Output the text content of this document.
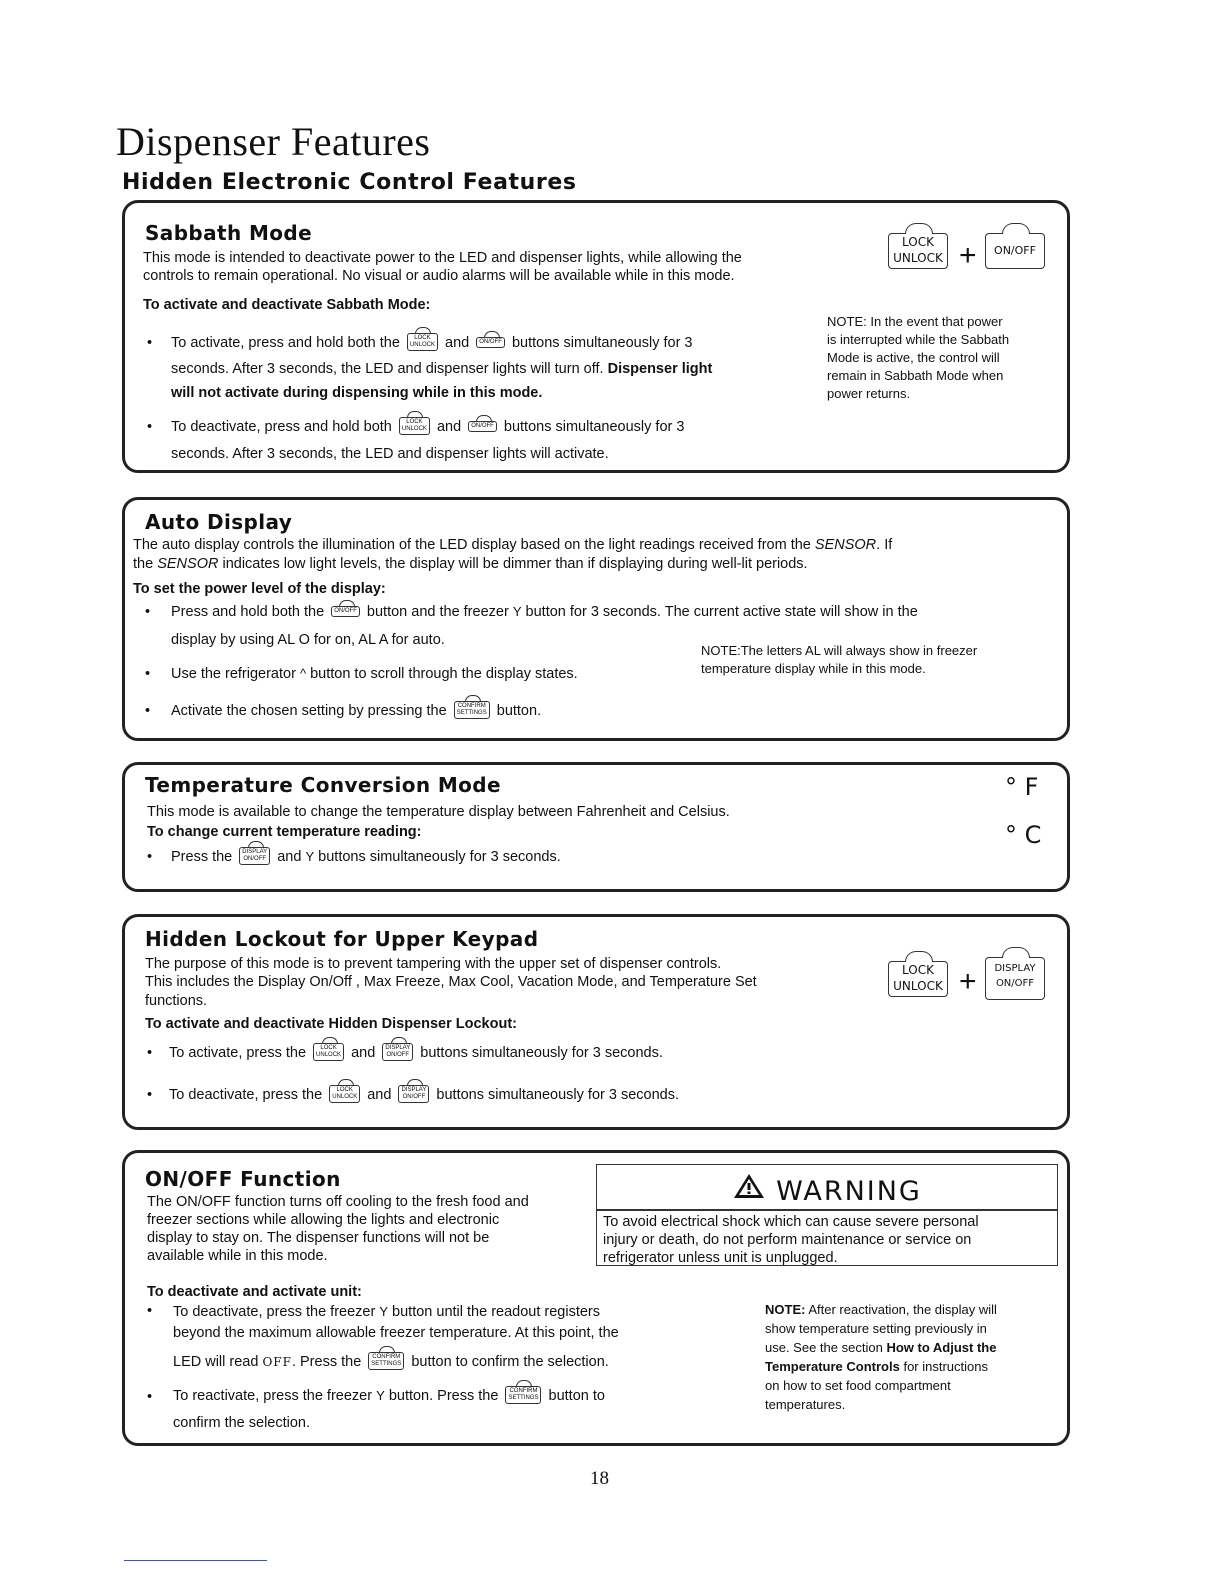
Dispenser Features
Hidden Electronic Control Features
Sabbath Mode
This mode is intended to deactivate power to the LED and dispenser lights, while allowing the
controls to remain operational. No visual or audio alarms will be available while in this mode.
To activate and deactivate Sabbath Mode:
• To activate, press and hold both the LOCK
UNLOCK and ON/OFF buttons simultaneously for 3
seconds. After 3 seconds, the LED and dispenser lights will turn off. Dispenser light
will not activate during dispensing while in this mode.
• To deactivate, press and hold both LOCK
UNLOCK and ON/OFF buttons simultaneously for 3
seconds. After 3 seconds, the LED and dispenser lights will activate.
LOCK
UNLOCK +	ON/OFF
NOTE: In the event that power
is interrupted while the Sabbath
Mode is active, the control will
remain in Sabbath Mode when
power returns.
Auto Display
The auto display controls the illumination of the LED display based on the light readings received from the SENSOR. If
the SENSOR indicates low light levels, the display will be dimmer than if displaying during well-lit periods.
To set the power level of the display:
• Press and hold both the ON/OFF button and the freezer Y button for 3 seconds. The current active state will show in the
display by using AL O for on, AL A for auto.
• Use the refrigerator ^ button to scroll through the display states.
• Activate the chosen setting by pressing the CONFIRM
SETTINGS button.
NOTE:The letters AL will always show in freezer
temperature display while in this mode.
Temperature Conversion Mode
This mode is available to change the temperature display between Fahrenheit and Celsius.
To change current temperature reading:
• Press the DISPLAY
ON/OFF and Y buttons simultaneously for 3 seconds.
° F
° C
Hidden Lockout for Upper Keypad
The purpose of this mode is to prevent tampering with the upper set of dispenser controls.
This includes the Display On/Off , Max Freeze, Max Cool, Vacation Mode, and Temperature Set
functions.
To activate and deactivate Hidden Dispenser Lockout:
• To activate, press the LOCK
UNLOCK and DISPLAY
ON/OFF buttons simultaneously for 3 seconds.
• To deactivate, press the LOCK
UNLOCK and DISPLAY
ON/OFF buttons simultaneously for 3 seconds.
LOCK
UNLOCK +	DISPLAY
ON/OFF
ON/OFF Function
The ON/OFF function turns off cooling to the fresh food and
freezer sections while allowing the lights and electronic
display to stay on. The dispenser functions will not be
available while in this mode.
To deactivate and activate unit:
• To deactivate, press the freezer Y button until the readout registers
beyond the maximum allowable freezer temperature. At this point, the
LED will read OFF. Press the CONFIRM
SETTINGS button to confirm the selection.
• To reactivate, press the freezer Y button. Press the CONFIRM
SETTINGS button to
confirm the selection.
NOTE: After reactivation, the display will
show temperature setting previously in
use. See the section How to Adjust the
Temperature Controls for instructions
on how to set food compartment
temperatures.
WARNING
To avoid electrical shock which can cause severe personal
injury or death, do not perform maintenance or service on
refrigerator unless unit is unplugged.
18
